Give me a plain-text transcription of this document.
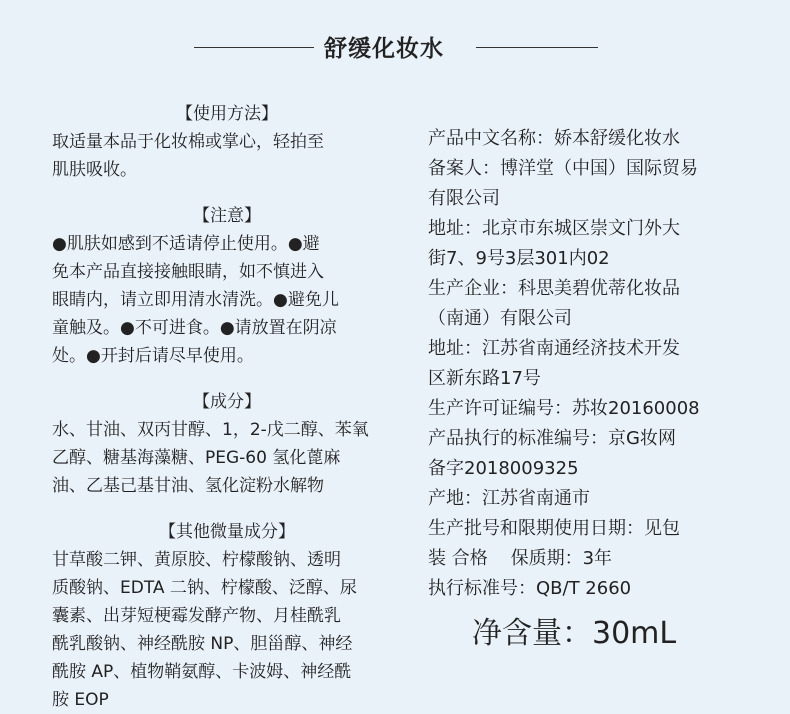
舒缓化妆水

【使用方法】

取适量本品于化妆棉或掌心，轻拍至

肌肤吸收。

【注意】

●肌肤如感到不适请停止使用。●避

免本产品直接接触眼睛，如不慎进入

眼睛内，请立即用清水清洗。●避免儿

童触及。●不可进食。●请放置在阴凉

处。●开封后请尽早使用。

【成分】

水、甘油、双丙甘醇、1，2-戊二醇、苯氧

乙醇、糖基海藻糖、PEG-60 氢化蓖麻

油、乙基己基甘油、氢化淀粉水解物

【其他微量成分】

甘草酸二钾、黄原胶、柠檬酸钠、透明

质酸钠、EDTA 二钠、柠檬酸、泛醇、尿

囊素、出芽短梗霉发酵产物、月桂酰乳

酰乳酸钠、神经酰胺 NP、胆甾醇、神经

酰胺 AP、植物鞘氨醇、卡波姆、神经酰

胺 EOP

产品中文名称：娇本舒缓化妆水

备案人：博洋堂（中国）国际贸易

有限公司

地址：北京市东城区崇文门外大

街7、9号3层301内02

生产企业：科思美碧优蒂化妆品

（南通）有限公司

地址：江苏省南通经济技术开发

区新东路17号

生产许可证编号：苏妆20160008

产品执行的标准编号：京G妆网

备字2018009325

产地：江苏省南通市

生产批号和限期使用日期：见包

装 合格    保质期：3年

执行标准号：QB/T 2660

净含量：30mL
